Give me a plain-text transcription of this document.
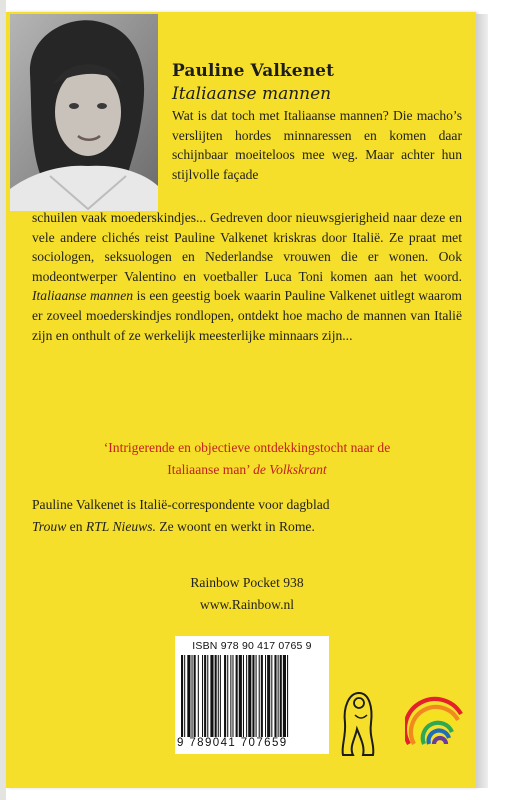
Pauline Valkenet
Italiaanse mannen
Wat is dat toch met Italiaanse mannen? Die macho’s verslijten hordes minnaressen en komen daar schijnbaar moeiteloos mee weg. Maar achter hun stijlvolle façade
schuilen vaak moederskindjes... Gedreven door nieuwsgierigheid naar deze en vele andere clichés reist Pauline Valkenet kriskras door Italië. Ze praat met sociologen, seksuologen en Nederlandse vrouwen die er wonen. Ook modeontwerper Valentino en voetballer Luca Toni komen aan het woord. Italiaanse mannen is een geestig boek waarin Pauline Valkenet uitlegt waarom er zoveel moederskindjes rondlopen, ontdekt hoe macho de mannen van Italië zijn en onthult of ze werkelijk meesterlijke minnaars zijn...
‘Intrigerende en objectieve ontdekkingstocht naar de
Italiaanse man’ de Volkskrant
Pauline Valkenet is Italië-correspondente voor dagblad
Trouw en RTL Nieuws. Ze woont en werkt in Rome.
Rainbow Pocket 938
www.Rainbow.nl
ISBN 978 90 417 0765 9
9 789041 707659
